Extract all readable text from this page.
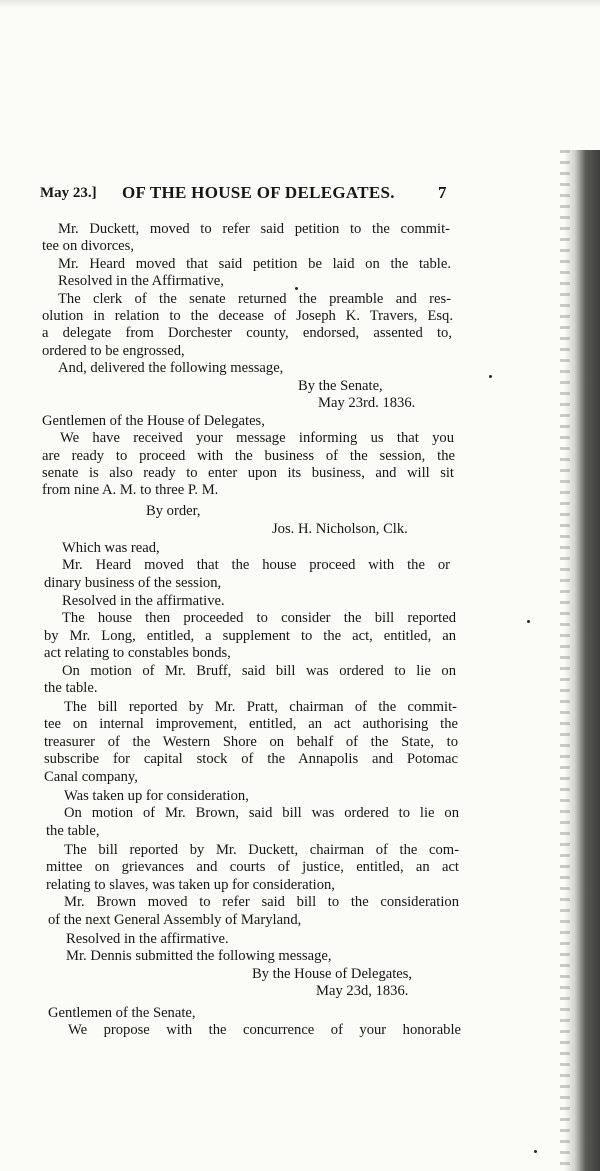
May 23.] OF THE HOUSE OF DELEGATES.	7
Mr. Duckett, moved to refer said petition to the commit-
tee on divorces,
Mr. Heard moved that said petition be laid on the table.
Resolved in the Affirmative,
The clerk of the senate returned the preamble and res-
olution in relation to the decease of Joseph K. Travers, Esq.
a delegate from Dorchester county, endorsed, assented to,
ordered to be engrossed,
And, delivered the following message,
By the Senate,
May 23rd. 1836.
Gentlemen of the House of Delegates,
We have received your message informing us that you
are ready to proceed with the business of the session, the
senate is also ready to enter upon its business, and will sit
from nine A. M. to three P. M.
By order,
Jos. H. Nicholson, Clk.
Which was read,
Mr. Heard moved that the house proceed with the or
dinary business of the session,
Resolved in the affirmative.
The house then proceeded to consider the bill reported
by Mr. Long, entitled, a supplement to the act, entitled, an
act relating to constables bonds,
On motion of Mr. Bruff, said bill was ordered to lie on
the table.
The bill reported by Mr. Pratt, chairman of the commit-
tee on internal improvement, entitled, an act authorising the
treasurer of the Western Shore on behalf of the State, to
subscribe for capital stock of the Annapolis and Potomac
Canal company,
Was taken up for consideration,
On motion of Mr. Brown, said bill was ordered to lie on
the table,
The bill reported by Mr. Duckett, chairman of the com-
mittee on grievances and courts of justice, entitled, an act
relating to slaves, was taken up for consideration,
Mr. Brown moved to refer said bill to the consideration
of the next General Assembly of Maryland,
Resolved in the affirmative.
Mr. Dennis submitted the following message,
By the House of Delegates,
May 23d, 1836.
Gentlemen of the Senate,
We propose with the concurrence of your honorable
